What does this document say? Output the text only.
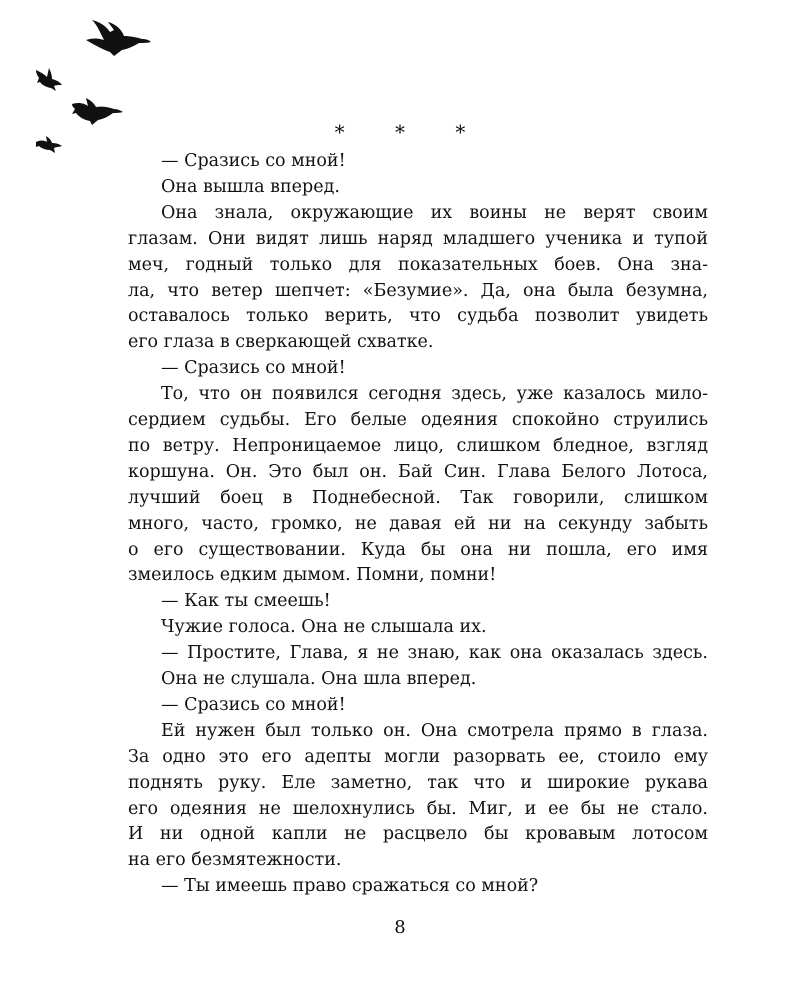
* * *
— Сразись со мной!
Она вышла вперед.
Она знала, окружающие их воины не верят своим
глазам. Они видят лишь наряд младшего ученика и тупой
меч, годный только для показательных боев. Она зна-
ла, что ветер шепчет: «Безумие». Да, она была безумна,
оставалось только верить, что судьба позволит увидеть
его глаза в сверкающей схватке.
— Сразись со мной!
То, что он появился сегодня здесь, уже казалось мило-
сердием судьбы. Его белые одеяния спокойно струились
по ветру. Непроницаемое лицо, слишком бледное, взгляд
коршуна. Он. Это был он. Бай Син. Глава Белого Лотоса,
лучший боец в Поднебесной. Так говорили, слишком
много, часто, громко, не давая ей ни на секунду забыть
о его существовании. Куда бы она ни пошла, его имя
змеилось едким дымом. Помни, помни!
— Как ты смеешь!
Чужие голоса. Она не слышала их.
— Простите, Глава, я не знаю, как она оказалась здесь.
Она не слушала. Она шла вперед.
— Сразись со мной!
Ей нужен был только он. Она смотрела прямо в глаза.
За одно это его адепты могли разорвать ее, стоило ему
поднять руку. Еле заметно, так что и широкие рукава
его одеяния не шелохнулись бы. Миг, и ее бы не стало.
И ни одной капли не расцвело бы кровавым лотосом
на его безмятежности.
— Ты имеешь право сражаться со мной?
8
